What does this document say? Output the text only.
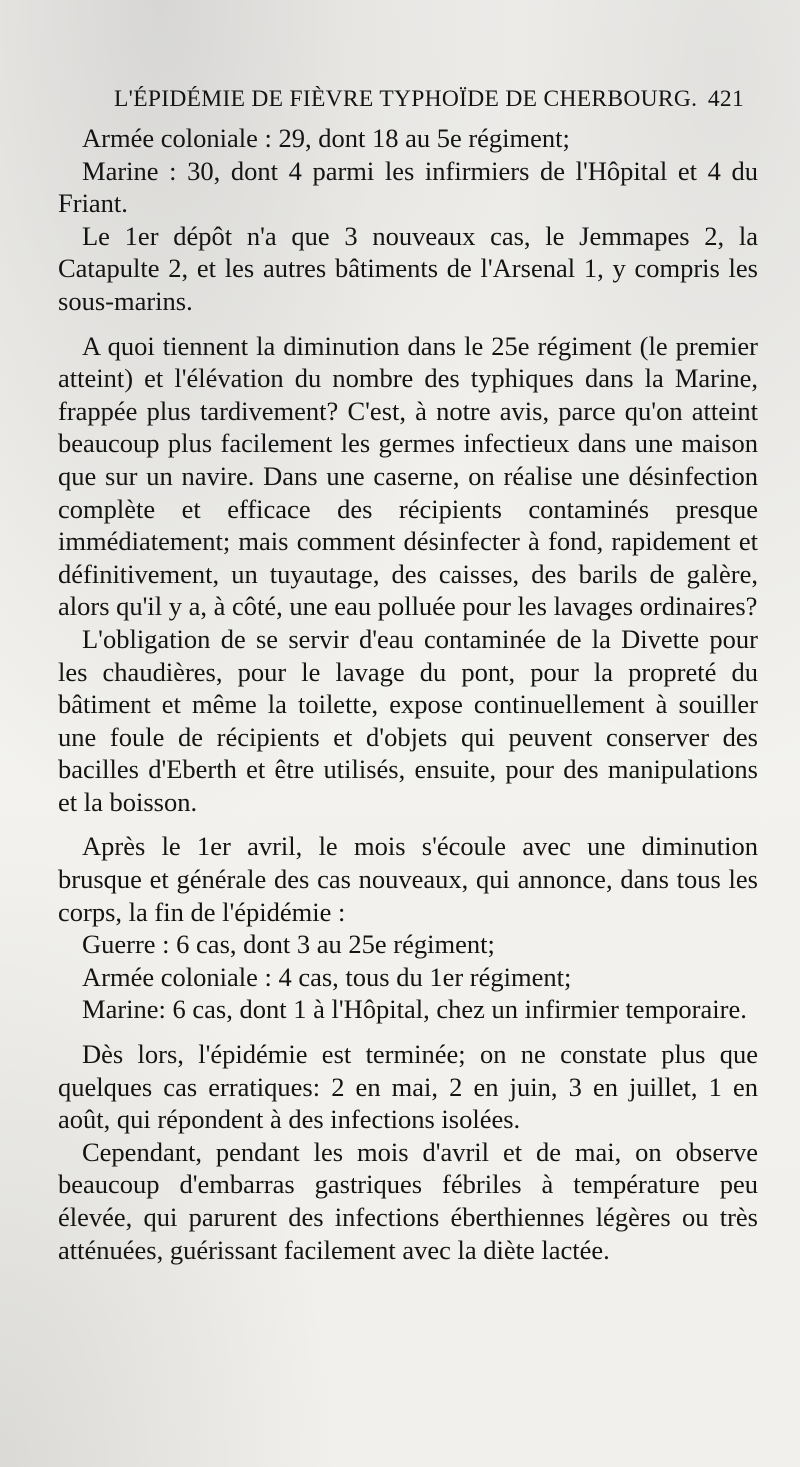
L'ÉPIDÉMIE DE FIÈVRE TYPHOÏDE DE CHERBOURG. 421

Armée coloniale : 29, dont 18 au 5e régiment;

Marine : 30, dont 4 parmi les infirmiers de l'Hôpital et 4 du Friant.

Le 1er dépôt n'a que 3 nouveaux cas, le Jemmapes 2, la Catapulte 2, et les autres bâtiments de l'Arsenal 1, y compris les sous-marins.

A quoi tiennent la diminution dans le 25e régiment (le premier atteint) et l'élévation du nombre des typhiques dans la Marine, frappée plus tardivement? C'est, à notre avis, parce qu'on atteint beaucoup plus facilement les germes infectieux dans une maison que sur un navire. Dans une caserne, on réalise une désinfection complète et efficace des récipients contaminés presque immédiatement; mais comment désinfecter à fond, rapidement et définitivement, un tuyautage, des caisses, des barils de galère, alors qu'il y a, à côté, une eau polluée pour les lavages ordinaires?

L'obligation de se servir d'eau contaminée de la Divette pour les chaudières, pour le lavage du pont, pour la propreté du bâtiment et même la toilette, expose continuellement à souiller une foule de récipients et d'objets qui peuvent conserver des bacilles d'Eberth et être utilisés, ensuite, pour des manipulations et la boisson.

Après le 1er avril, le mois s'écoule avec une diminution brusque et générale des cas nouveaux, qui annonce, dans tous les corps, la fin de l'épidémie :

Guerre : 6 cas, dont 3 au 25e régiment;

Armée coloniale : 4 cas, tous du 1er régiment;

Marine: 6 cas, dont 1 à l'Hôpital, chez un infirmier temporaire.

Dès lors, l'épidémie est terminée; on ne constate plus que quelques cas erratiques: 2 en mai, 2 en juin, 3 en juillet, 1 en août, qui répondent à des infections isolées.

Cependant, pendant les mois d'avril et de mai, on observe beaucoup d'embarras gastriques fébriles à température peu élevée, qui parurent des infections éberthiennes légères ou très atténuées, guérissant facilement avec la diète lactée.
